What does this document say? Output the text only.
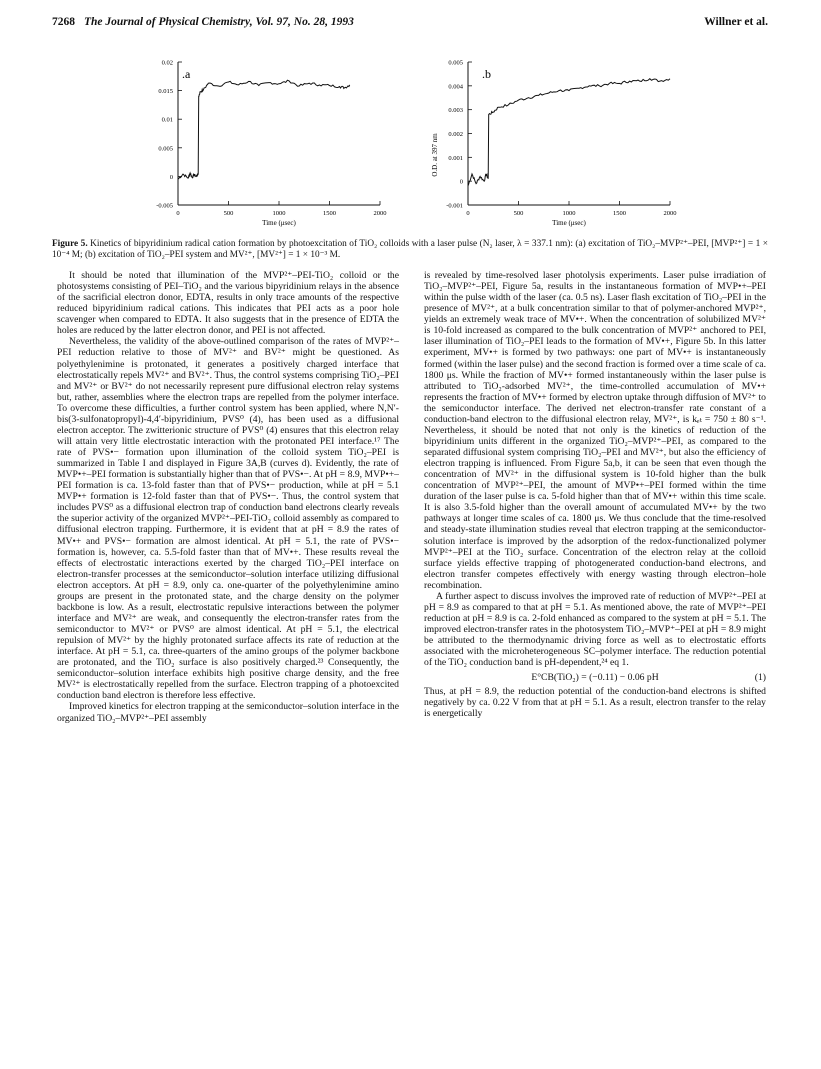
7268 The Journal of Physical Chemistry, Vol. 97, No. 28, 1993	Willner et al.
0.02
0.015
0.01
0.005
0
-0.005
0	500	1000	1500	2000
.a
Time (μsec)
0.005
0.004
0.003
0.002
0.001
0
-0.001
0	500	1000	1500	2000
.b
Time (μsec)
O.D. at 397 nm
Figure 5. Kinetics of bipyridinium radical cation formation by photoexcitation of TiO₂ colloids with a laser pulse (N₂ laser, λ = 337.1 nm): (a) excitation of TiO₂–MVP²⁺–PEI, [MVP²⁺] = 1 × 10⁻⁴ M; (b) excitation of TiO₂–PEI system and MV²⁺, [MV²⁺] = 1 × 10⁻³ M.

It should be noted that illumination of the MVP²⁺–PEI-TiO₂ colloid or the photosystems consisting of PEI–TiO₂ and the various bipyridinium relays in the absence of the sacrificial electron donor, EDTA, results in only trace amounts of the respective reduced bipyridinium radical cations. This indicates that PEI acts as a poor hole scavenger when compared to EDTA. It also suggests that in the presence of EDTA the holes are reduced by the latter electron donor, and PEI is not affected.

Nevertheless, the validity of the above-outlined comparison of the rates of MVP²⁺–PEI reduction relative to those of MV²⁺ and BV²⁺ might be questioned. As polyethylenimine is protonated, it generates a positively charged interface that electrostatically repels MV²⁺ and BV²⁺. Thus, the control systems comprising TiO₂–PEI and MV²⁺ or BV²⁺ do not necessarily represent pure diffusional electron relay systems but, rather, assemblies where the electron traps are repelled from the polymer interface. To overcome these difficulties, a further control system has been applied, where N,N′-bis(3-sulfonatopropyl)-4,4′-bipyridinium, PVS⁰ (4), has been used as a diffusional electron acceptor. The zwitterionic structure of PVS⁰ (4) ensures that this electron relay will attain very little electrostatic interaction with the protonated PEI interface.¹⁷ The rate of PVS•− formation upon illumination of the colloid system TiO₂–PEI is summarized in Table I and displayed in Figure 3A,B (curves d). Evidently, the rate of MVP•+–PEI formation is substantially higher than that of PVS•−. At pH = 8.9, MVP•+–PEI formation is ca. 13-fold faster than that of PVS•− production, while at pH = 5.1 MVP•+ formation is 12-fold faster than that of PVS•−. Thus, the control system that includes PVS⁰ as a diffusional electron trap of conduction band electrons clearly reveals the superior activity of the organized MVP²⁺–PEI-TiO₂ colloid assembly as compared to diffusional electron trapping. Furthermore, it is evident that at pH = 8.9 the rates of MV•+ and PVS•− formation are almost identical. At pH = 5.1, the rate of PVS•− formation is, however, ca. 5.5-fold faster than that of MV•+. These results reveal the effects of electrostatic interactions exerted by the charged TiO₂–PEI interface on electron-transfer processes at the semiconductor–solution interface utilizing diffusional electron acceptors. At pH = 8.9, only ca. one-quarter of the polyethylenimine amino groups are present in the protonated state, and the charge density on the polymer backbone is low. As a result, electrostatic repulsive interactions between the polymer interface and MV²⁺ are weak, and consequently the electron-transfer rates from the semiconductor to MV²⁺ or PVS⁰ are almost identical. At pH = 5.1, the electrical repulsion of MV²⁺ by the highly protonated surface affects its rate of reduction at the interface. At pH = 5.1, ca. three-quarters of the amino groups of the polymer backbone are protonated, and the TiO₂ surface is also positively charged.²³ Consequently, the semiconductor–solution interface exhibits high positive charge density, and the free MV²⁺ is electrostatically repelled from the surface. Electron trapping of a photoexcited conduction band electron is therefore less effective.

Improved kinetics for electron trapping at the semiconductor–solution interface in the organized TiO₂–MVP²⁺–PEI assembly

is revealed by time-resolved laser photolysis experiments. Laser pulse irradiation of TiO₂–MVP²⁺–PEI, Figure 5a, results in the instantaneous formation of MVP•+–PEI within the pulse width of the laser (ca. 0.5 ns). Laser flash excitation of TiO₂–PEI in the presence of MV²⁺, at a bulk concentration similar to that of polymer-anchored MVP²⁺, yields an extremely weak trace of MV•+. When the concentration of solubilized MV²⁺ is 10-fold increased as compared to the bulk concentration of MVP²⁺ anchored to PEI, laser illumination of TiO₂–PEI leads to the formation of MV•+, Figure 5b. In this latter experiment, MV•+ is formed by two pathways: one part of MV•+ is instantaneously formed (within the laser pulse) and the second fraction is formed over a time scale of ca. 1800 μs. While the fraction of MV•+ formed instantaneously within the laser pulse is attributed to TiO₂-adsorbed MV²⁺, the time-controlled accumulation of MV•+ represents the fraction of MV•+ formed by electron uptake through diffusion of MV²⁺ to the semiconductor interface. The derived net electron-transfer rate constant of a conduction-band electron to the diffusional electron relay, MV²⁺, is kₑₜ = 750 ± 80 s⁻¹. Nevertheless, it should be noted that not only is the kinetics of reduction of the bipyridinium units different in the organized TiO₂–MVP²⁺–PEI, as compared to the separated diffusional system comprising TiO₂–PEI and MV²⁺, but also the efficiency of electron trapping is influenced. From Figure 5a,b, it can be seen that even though the concentration of MV²⁺ in the diffusional system is 10-fold higher than the bulk concentration of MVP²⁺–PEI, the amount of MVP•+–PEI formed within the time duration of the laser pulse is ca. 5-fold higher than that of MV•+ within this time scale. It is also 3.5-fold higher than the overall amount of accumulated MV•+ by the two pathways at longer time scales of ca. 1800 μs. We thus conclude that the time-resolved and steady-state illumination studies reveal that electron trapping at the semiconductor-solution interface is improved by the adsorption of the redox-functionalized polymer MVP²⁺–PEI at the TiO₂ surface. Concentration of the electron relay at the colloid surface yields effective trapping of photogenerated conduction-band electrons, and electron transfer competes effectively with energy wasting through electron–hole recombination.

A further aspect to discuss involves the improved rate of reduction of MVP²⁺–PEI at pH = 8.9 as compared to that at pH = 5.1. As mentioned above, the rate of MVP²⁺–PEI reduction at pH = 8.9 is ca. 2-fold enhanced as compared to the system at pH = 5.1. The improved electron-transfer rates in the photosystem TiO₂–MVP⁺–PEI at pH = 8.9 might be attributed to the thermodynamic driving force as well as to electrostatic efforts associated with the microheterogeneous SC–polymer interface. The reduction potential of the TiO₂ conduction band is pH-dependent,²⁴ eq 1.

E°CB(TiO₂) = (−0.11) − 0.06 pH	(1)

Thus, at pH = 8.9, the reduction potential of the conduction-band electrons is shifted negatively by ca. 0.22 V from that at pH = 5.1. As a result, electron transfer to the relay is energetically
